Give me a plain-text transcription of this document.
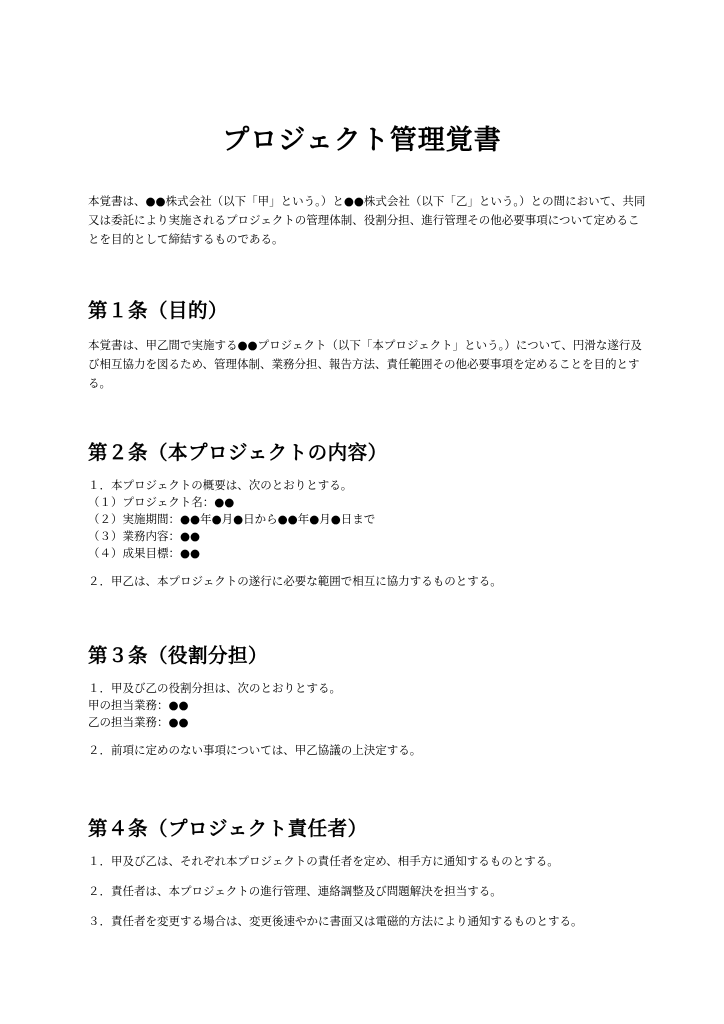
プロジェクト管理覚書
本覚書は、●●株式会社（以下「甲」という。）と●●株式会社（以下「乙」という。）との間において、共同又は委託により実施されるプロジェクトの管理体制、役割分担、進行管理その他必要事項について定めることを目的として締結するものである。
第１条（目的）
本覚書は、甲乙間で実施する●●プロジェクト（以下「本プロジェクト」という。）について、円滑な遂行及び相互協力を図るため、管理体制、業務分担、報告方法、責任範囲その他必要事項を定めることを目的とする。
第２条（本プロジェクトの内容）
１．本プロジェクトの概要は、次のとおりとする。
（１）プロジェクト名：●●
（２）実施期間：●●年●月●日から●●年●月●日まで
（３）業務内容：●●
（４）成果目標：●●
２．甲乙は、本プロジェクトの遂行に必要な範囲で相互に協力するものとする。
第３条（役割分担）
１．甲及び乙の役割分担は、次のとおりとする。
甲の担当業務：●●
乙の担当業務：●●
２．前項に定めのない事項については、甲乙協議の上決定する。
第４条（プロジェクト責任者）
１．甲及び乙は、それぞれ本プロジェクトの責任者を定め、相手方に通知するものとする。
２．責任者は、本プロジェクトの進行管理、連絡調整及び問題解決を担当する。
３．責任者を変更する場合は、変更後速やかに書面又は電磁的方法により通知するものとする。
